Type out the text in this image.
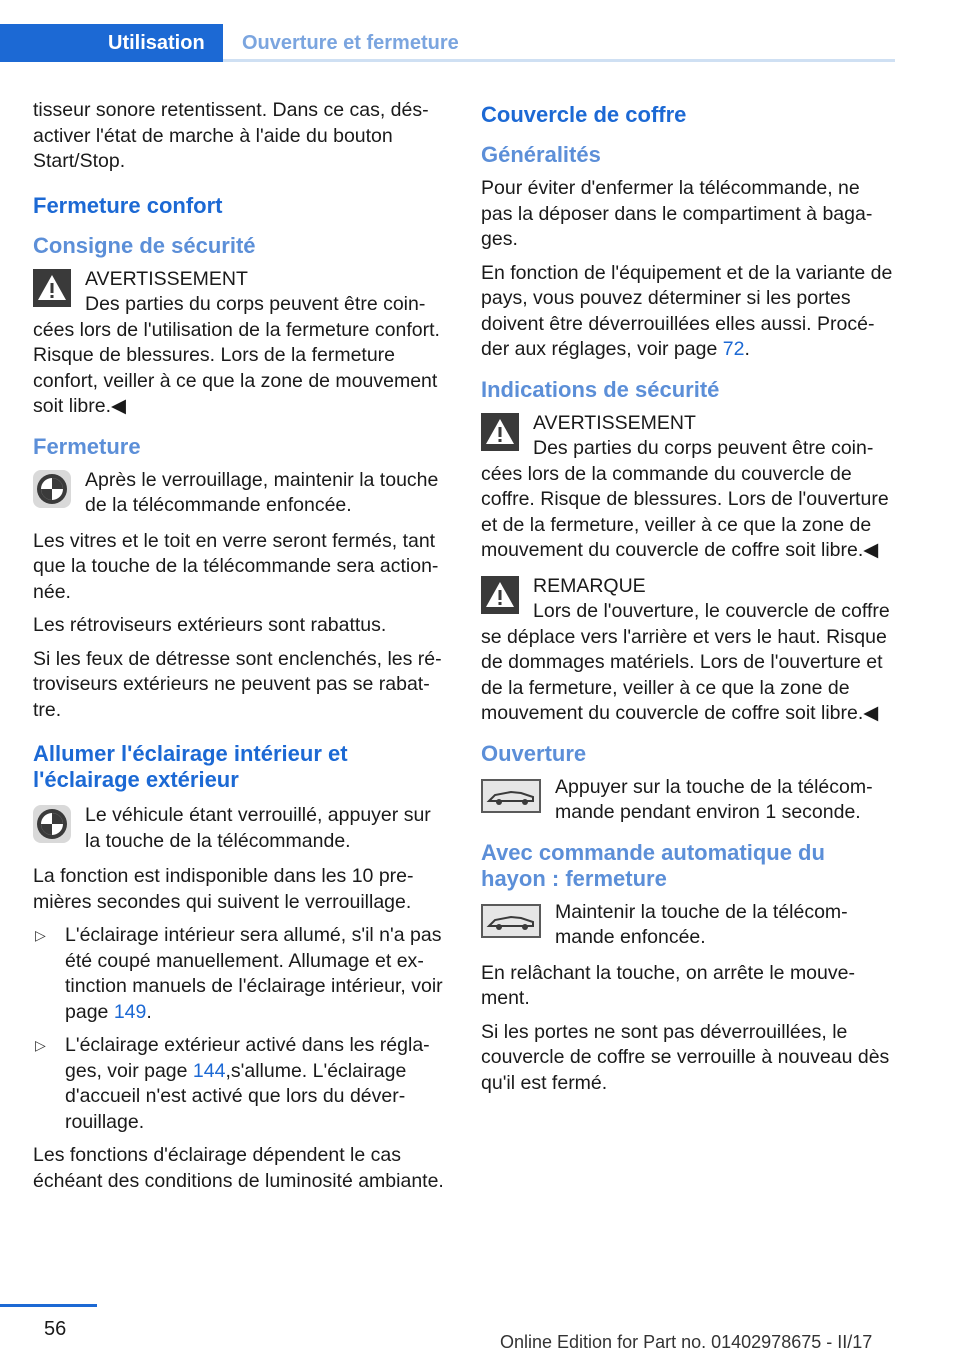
Utilisation	Ouverture et fermeture

tisseur sonore retentissent. Dans ce cas, désactiver l'état de marche à l'aide du bouton Start/Stop.

Fermeture confort
Consigne de sécurité
AVERTISSEMENT
Des parties du corps peuvent être coincées lors de l'utilisation de la fermeture confort. Risque de blessures. Lors de la fermeture confort, veiller à ce que la zone de mouvement soit libre.◀
Fermeture
Après le verrouillage, maintenir la touche de la télécommande enfoncée.

Les vitres et le toit en verre seront fermés, tant que la touche de la télécommande sera actionnée.

Les rétroviseurs extérieurs sont rabattus.

Si les feux de détresse sont enclenchés, les rétroviseurs extérieurs ne peuvent pas se rabattre.

Allumer l'éclairage intérieur et l'éclairage extérieur
Le véhicule étant verrouillé, appuyer sur la touche de la télécommande.

La fonction est indisponible dans les 10 premières secondes qui suivent le verrouillage.

▷ L'éclairage intérieur sera allumé, s'il n'a pas été coupé manuellement. Allumage et extinction manuels de l'éclairage intérieur, voir page 149.
▷ L'éclairage extérieur activé dans les réglages, voir page 144,s'allume. L'éclairage d'accueil n'est activé que lors du déverrouillage.

Les fonctions d'éclairage dépendent le cas échéant des conditions de luminosité ambiante.

Couvercle de coffre
Généralités

Pour éviter d'enfermer la télécommande, ne pas la déposer dans le compartiment à bagages.

En fonction de l'équipement et de la variante de pays, vous pouvez déterminer si les portes doivent être déverrouillées elles aussi. Procéder aux réglages, voir page 72.

Indications de sécurité
AVERTISSEMENT
Des parties du corps peuvent être coincées lors de la commande du couvercle de coffre. Risque de blessures. Lors de l'ouverture et de la fermeture, veiller à ce que la zone de mouvement du couvercle de coffre soit libre.◀
REMARQUE
Lors de l'ouverture, le couvercle de coffre se déplace vers l'arrière et vers le haut. Risque de dommages matériels. Lors de l'ouverture et de la fermeture, veiller à ce que la zone de mouvement du couvercle de coffre soit libre.◀
Ouverture
Appuyer sur la touche de la télécommande pendant environ 1 seconde.
Avec commande automatique du hayon : fermeture
Maintenir la touche de la télécommande enfoncée.

En relâchant la touche, on arrête le mouvement.

Si les portes ne sont pas déverrouillées, le couvercle de coffre se verrouille à nouveau dès qu'il est fermé.

56
Online Edition for Part no. 01402978675 - II/17
